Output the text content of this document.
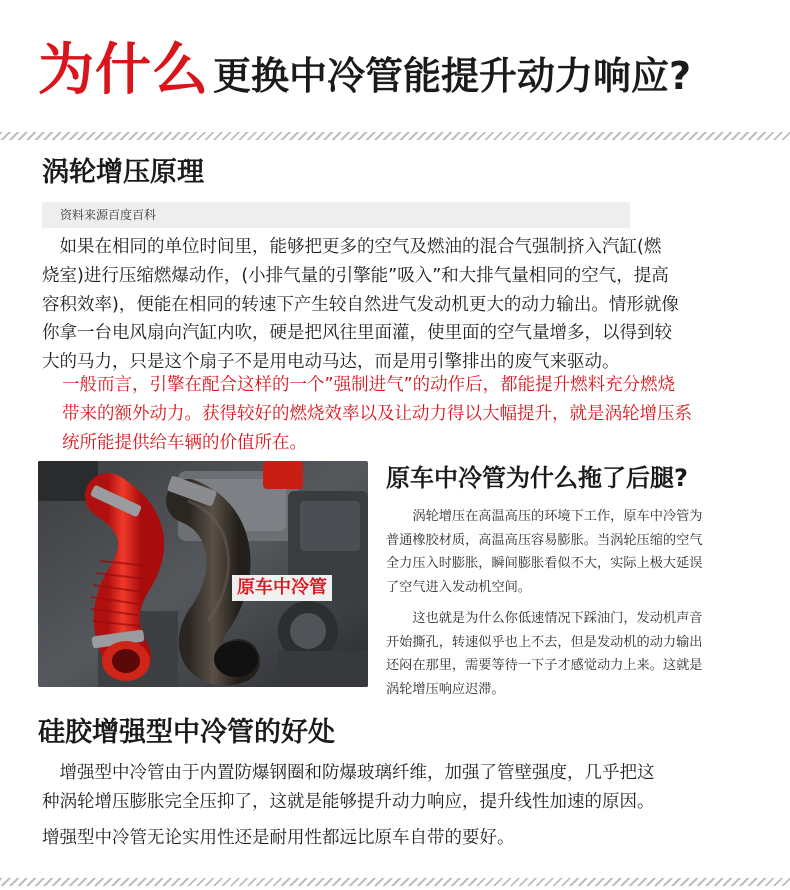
为什么 更换中冷管能提升动力响应?
涡轮增压原理
资料来源百度百科
　如果在相同的单位时间里，能够把更多的空气及燃油的混合气强制挤入汽缸(燃
烧室)进行压缩燃爆动作，(小排气量的引擎能”吸入”和大排气量相同的空气，提高
容积效率)，便能在相同的转速下产生较自然进气发动机更大的动力输出。情形就像
你拿一台电风扇向汽缸内吹，硬是把风往里面灌，使里面的空气量增多，以得到较
大的马力，只是这个扇子不是用电动马达，而是用引擎排出的废气来驱动。
一般而言，引擎在配合这样的一个”强制进气”的动作后，都能提升燃料充分燃烧
带来的额外动力。获得较好的燃烧效率以及让动力得以大幅提升，就是涡轮增压系
统所能提供给车辆的价值所在。
原车中冷管
原车中冷管为什么拖了后腿?
　　涡轮增压在高温高压的环境下工作，原车中冷管为
普通橡胶材质，高温高压容易膨胀。当涡轮压缩的空气
全力压入时膨胀，瞬间膨胀看似不大，实际上极大延误
了空气进入发动机空间。
　　这也就是为什么你低速情况下踩油门，发动机声音
开始撕孔，转速似乎也上不去，但是发动机的动力输出
还闷在那里，需要等待一下子才感觉动力上来。这就是
涡轮增压响应迟滞。
硅胶增强型中冷管的好处
　增强型中冷管由于内置防爆钢圈和防爆玻璃纤维，加强了管壁强度，几乎把这
种涡轮增压膨胀完全压抑了，这就是能够提升动力响应，提升线性加速的原因。
增强型中冷管无论实用性还是耐用性都远比原车自带的要好。
